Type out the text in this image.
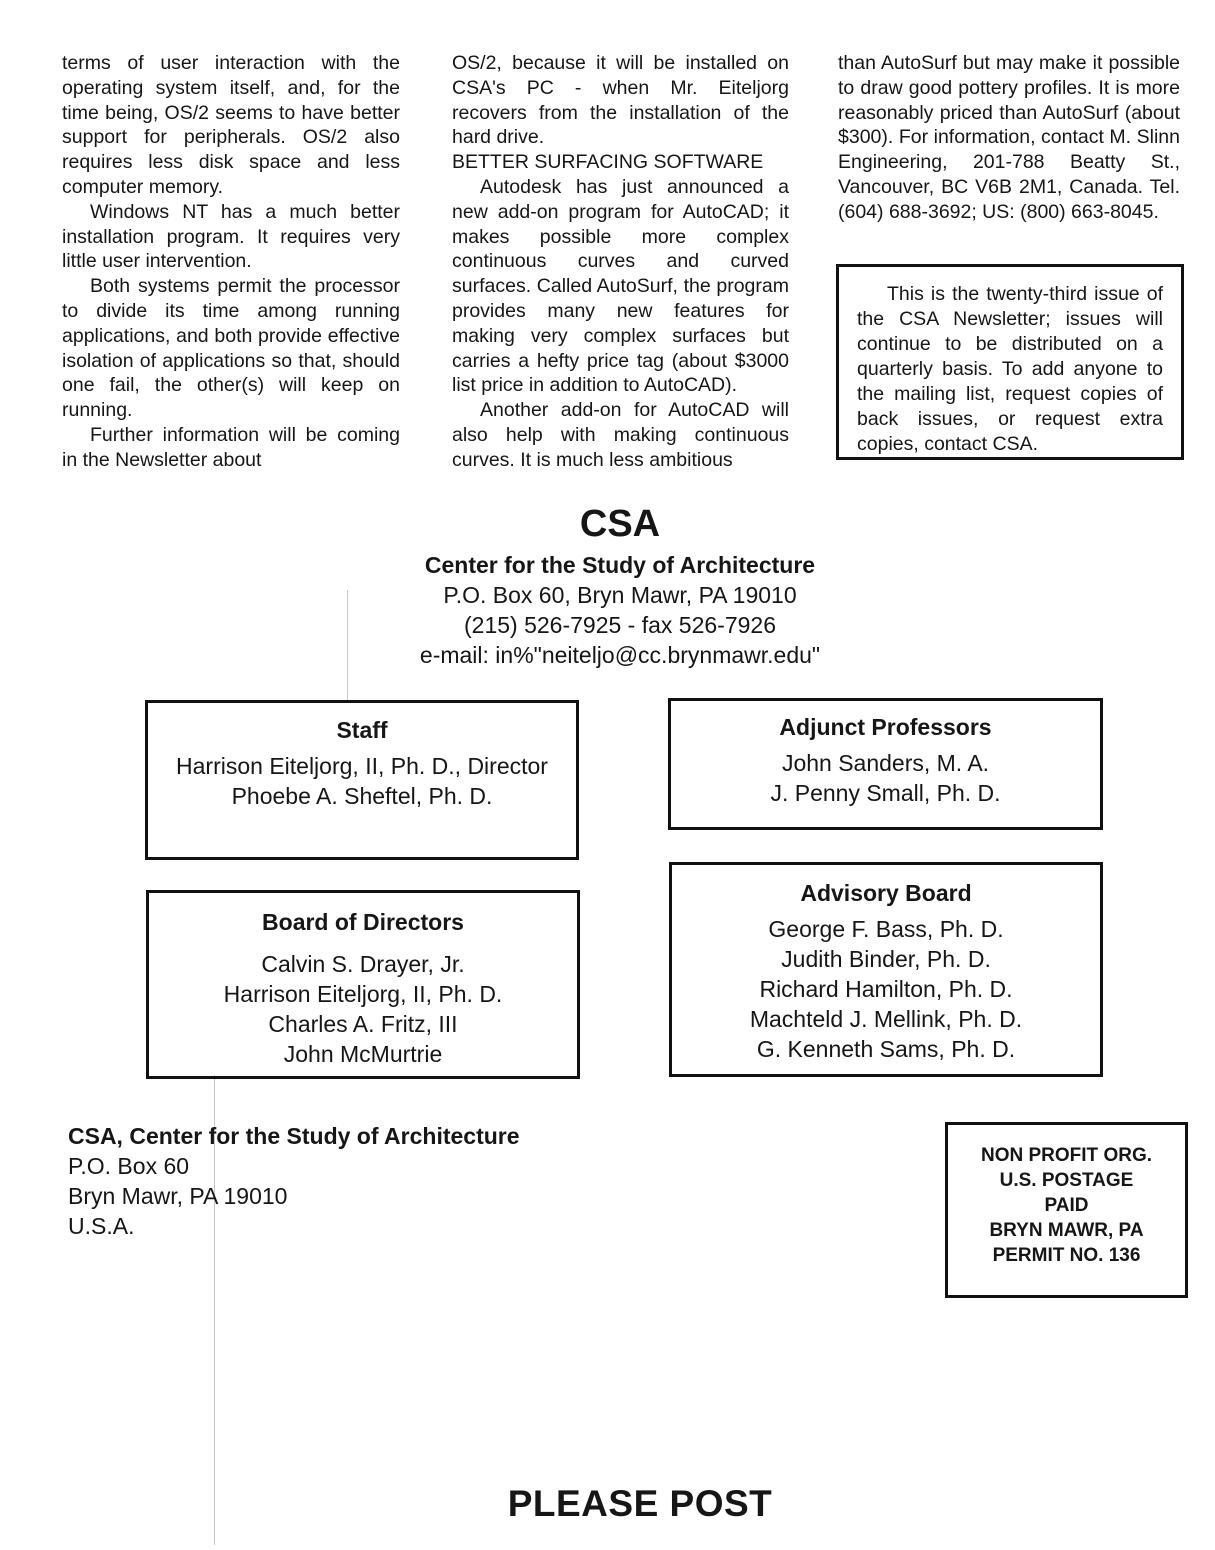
terms of user interaction with the operating system itself, and, for the time being, OS/2 seems to have better support for peripherals. OS/2 also requires less disk space and less computer memory.

Windows NT has a much better installation program. It requires very little user intervention.

Both systems permit the processor to divide its time among running applications, and both provide effective isolation of applications so that, should one fail, the other(s) will keep on running.

Further information will be coming in the Newsletter about

OS/2, because it will be installed on CSA's PC - when Mr. Eiteljorg recovers from the installation of the hard drive.

BETTER SURFACING SOFTWARE

Autodesk has just announced a new add-on program for AutoCAD; it makes possible more complex continuous curves and curved surfaces. Called AutoSurf, the program provides many new features for making very complex surfaces but carries a hefty price tag (about $3000 list price in addition to AutoCAD).

Another add-on for AutoCAD will also help with making continuous curves. It is much less ambitious

than AutoSurf but may make it possible to draw good pottery profiles. It is more reasonably priced than AutoSurf (about $300). For information, contact M. Slinn Engineering, 201-788 Beatty St., Vancouver, BC V6B 2M1, Canada. Tel. (604) 688-3692; US: (800) 663-8045.

This is the twenty-third issue of the CSA Newsletter; issues will continue to be distributed on a quarterly basis. To add anyone to the mailing list, request copies of back issues, or request extra copies, contact CSA.

CSA
Center for the Study of Architecture
P.O. Box 60, Bryn Mawr, PA 19010
(215) 526-7925 - fax 526-7926
e-mail: in%"neiteljo@cc.brynmawr.edu"
Staff
Harrison Eiteljorg, II, Ph. D., Director
Phoebe A. Sheftel, Ph. D.
Adjunct Professors
John Sanders, M. A.
J. Penny Small, Ph. D.
Board of Directors
Calvin S. Drayer, Jr.
Harrison Eiteljorg, II, Ph. D.
Charles A. Fritz, III
John McMurtrie
Advisory Board
George F. Bass, Ph. D.
Judith Binder, Ph. D.
Richard Hamilton, Ph. D.
Machteld J. Mellink, Ph. D.
G. Kenneth Sams, Ph. D.
CSA, Center for the Study of Architecture
P.O. Box 60
Bryn Mawr, PA 19010
U.S.A.
NON PROFIT ORG.
U.S. POSTAGE
PAID
BRYN MAWR, PA
PERMIT NO. 136
PLEASE POST
